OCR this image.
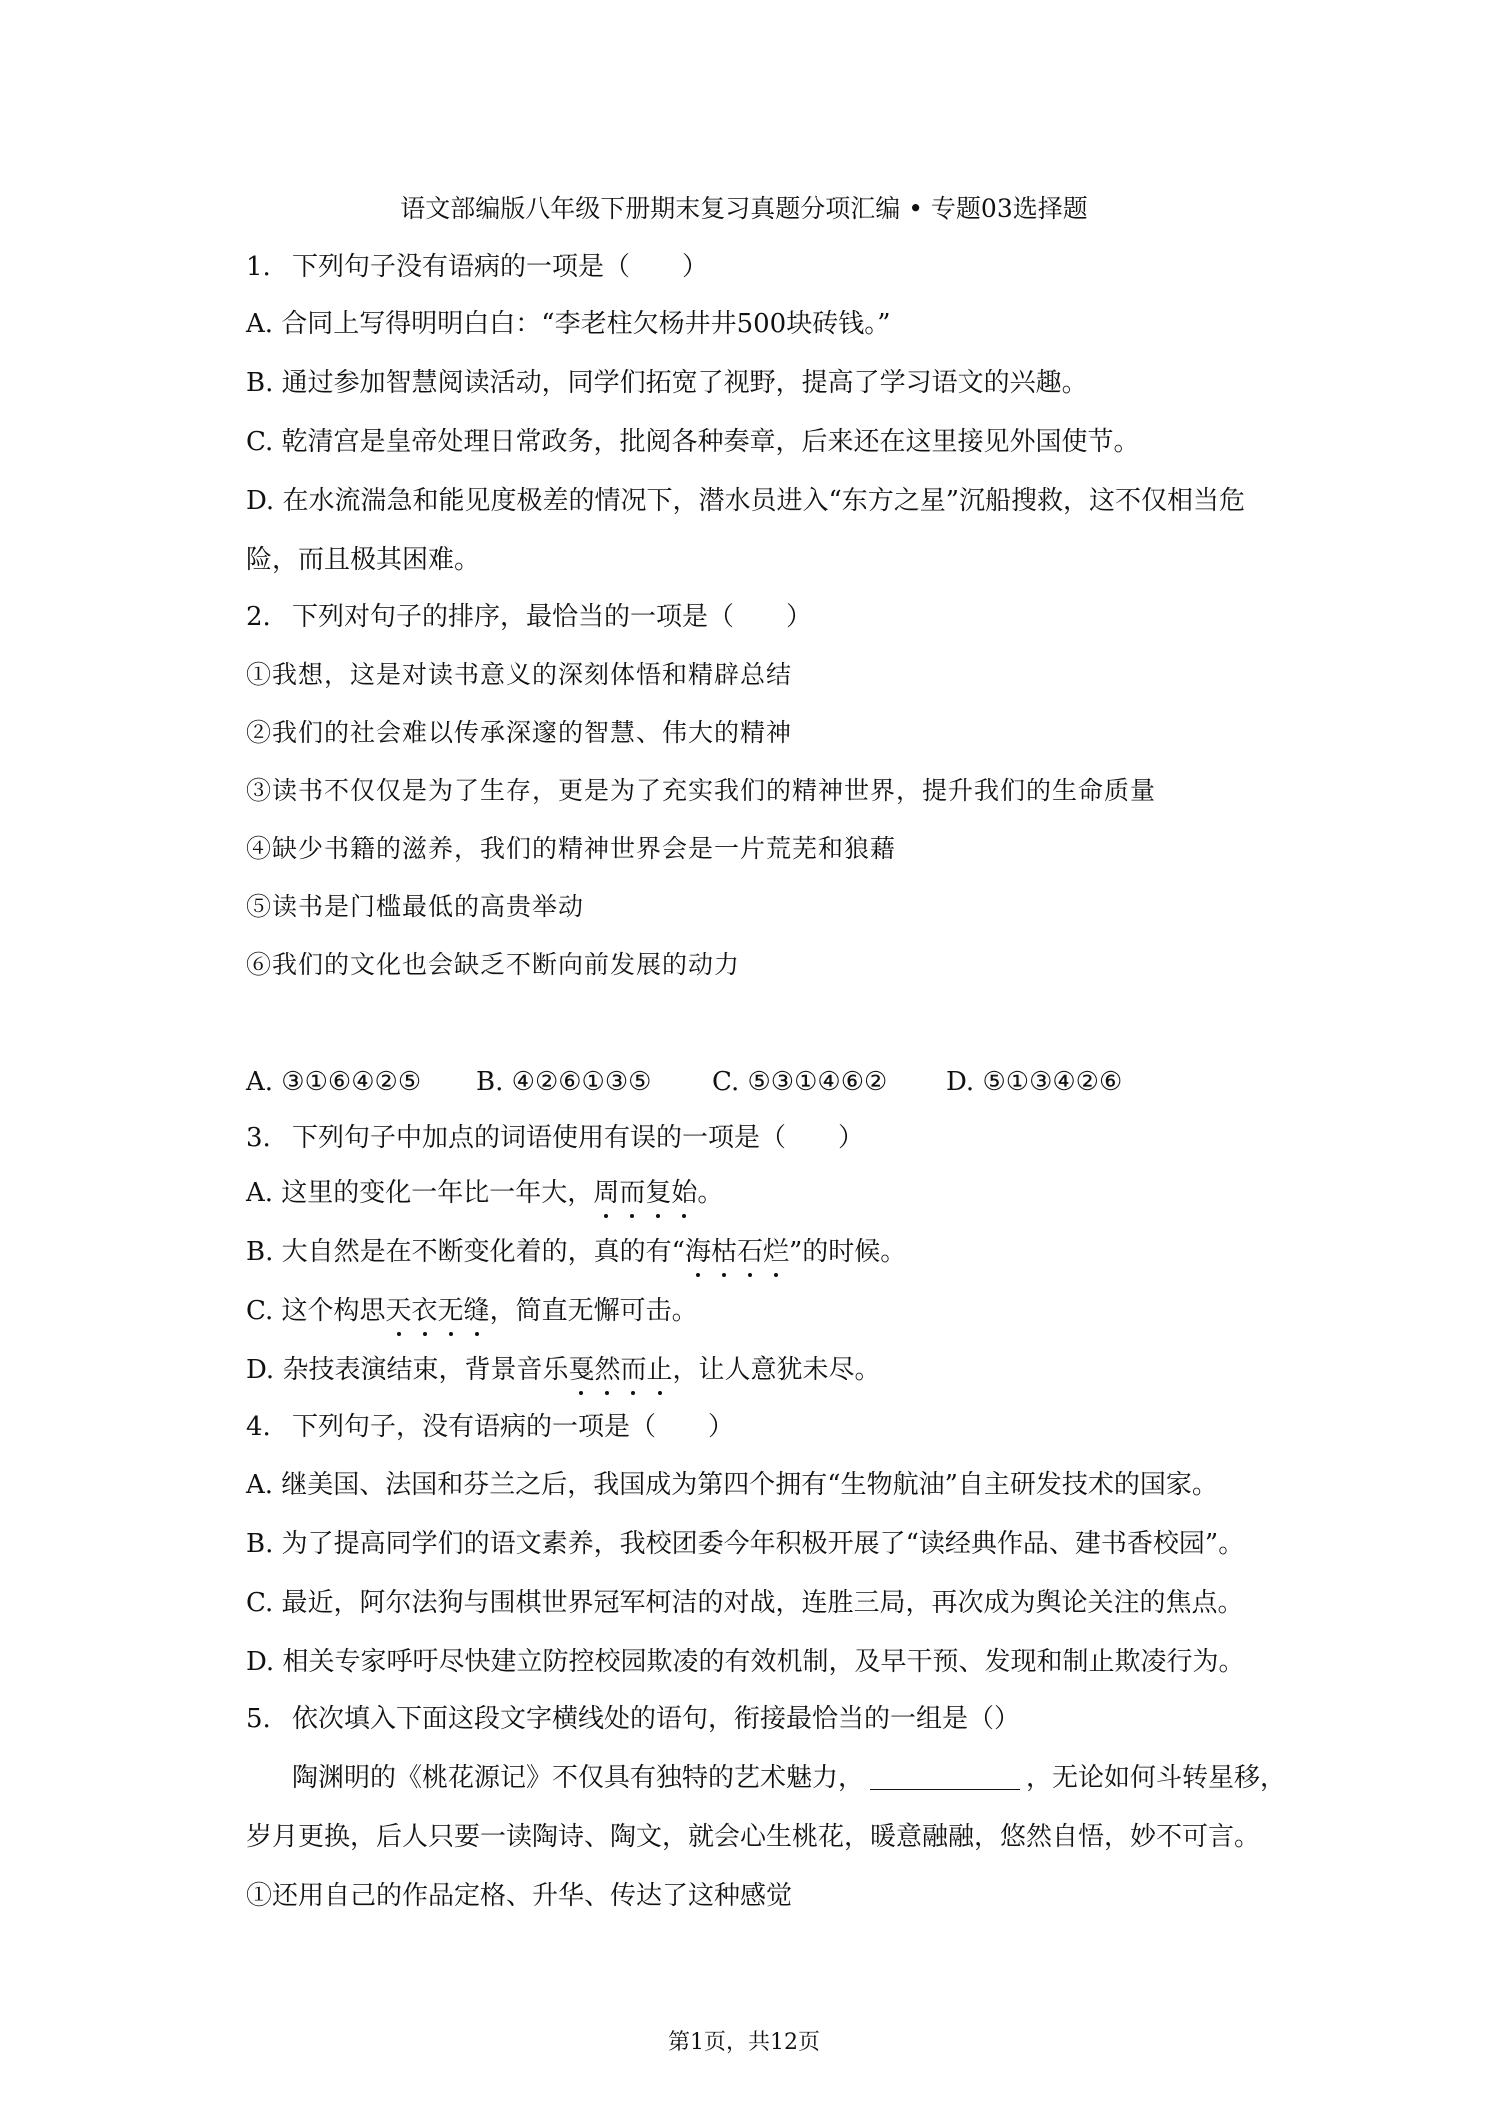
语文部编版八年级下册期末复习真题分项汇编 • 专题03选择题
1. 下列句子没有语病的一项是（　　）
A. 合同上写得明明白白：“李老柱欠杨井井500块砖钱。”
B. 通过参加智慧阅读活动，同学们拓宽了视野，提高了学习语文的兴趣。
C. 乾清宫是皇帝处理日常政务，批阅各种奏章，后来还在这里接见外国使节。
D. 在水流湍急和能见度极差的情况下，潜水员进入“东方之星”沉船搜救，这不仅相当危
险，而且极其困难。
2. 下列对句子的排序，最恰当的一项是（　　）
①我想，这是对读书意义的深刻体悟和精辟总结
②我们的社会难以传承深邃的智慧、伟大的精神
③读书不仅仅是为了生存，更是为了充实我们的精神世界，提升我们的生命质量
④缺少书籍的滋养，我们的精神世界会是一片荒芜和狼藉
⑤读书是门槛最低的高贵举动
⑥我们的文化也会缺乏不断向前发展的动力
A. ③①⑥④②⑤ B. ④②⑥①③⑤ C. ⑤③①④⑥② D. ⑤①③④②⑥
3. 下列句子中加点的词语使用有误的一项是（　　）
A. 这里的变化一年比一年大，周而复始。
B. 大自然是在不断变化着的，真的有“海枯石烂”的时候。
C. 这个构思天衣无缝，简直无懈可击。
D. 杂技表演结束，背景音乐戛然而止，让人意犹未尽。
4. 下列句子，没有语病的一项是（　　）
A. 继美国、法国和芬兰之后，我国成为第四个拥有“生物航油”自主研发技术的国家。
B. 为了提高同学们的语文素养，我校团委今年积极开展了“读经典作品、建书香校园”。
C. 最近，阿尔法狗与围棋世界冠军柯洁的对战，连胜三局，再次成为舆论关注的焦点。
D. 相关专家呼吁尽快建立防控校园欺凌的有效机制，及早干预、发现和制止欺凌行为。
5. 依次填入下面这段文字横线处的语句，衔接最恰当的一组是（）
陶渊明的《桃花源记》不仅具有独特的艺术魅力，	，无论如何斗转星移，
岁月更换，后人只要一读陶诗、陶文，就会心生桃花，暖意融融，悠然自悟，妙不可言。
①还用自己的作品定格、升华、传达了这种感觉
第1页，共12页
